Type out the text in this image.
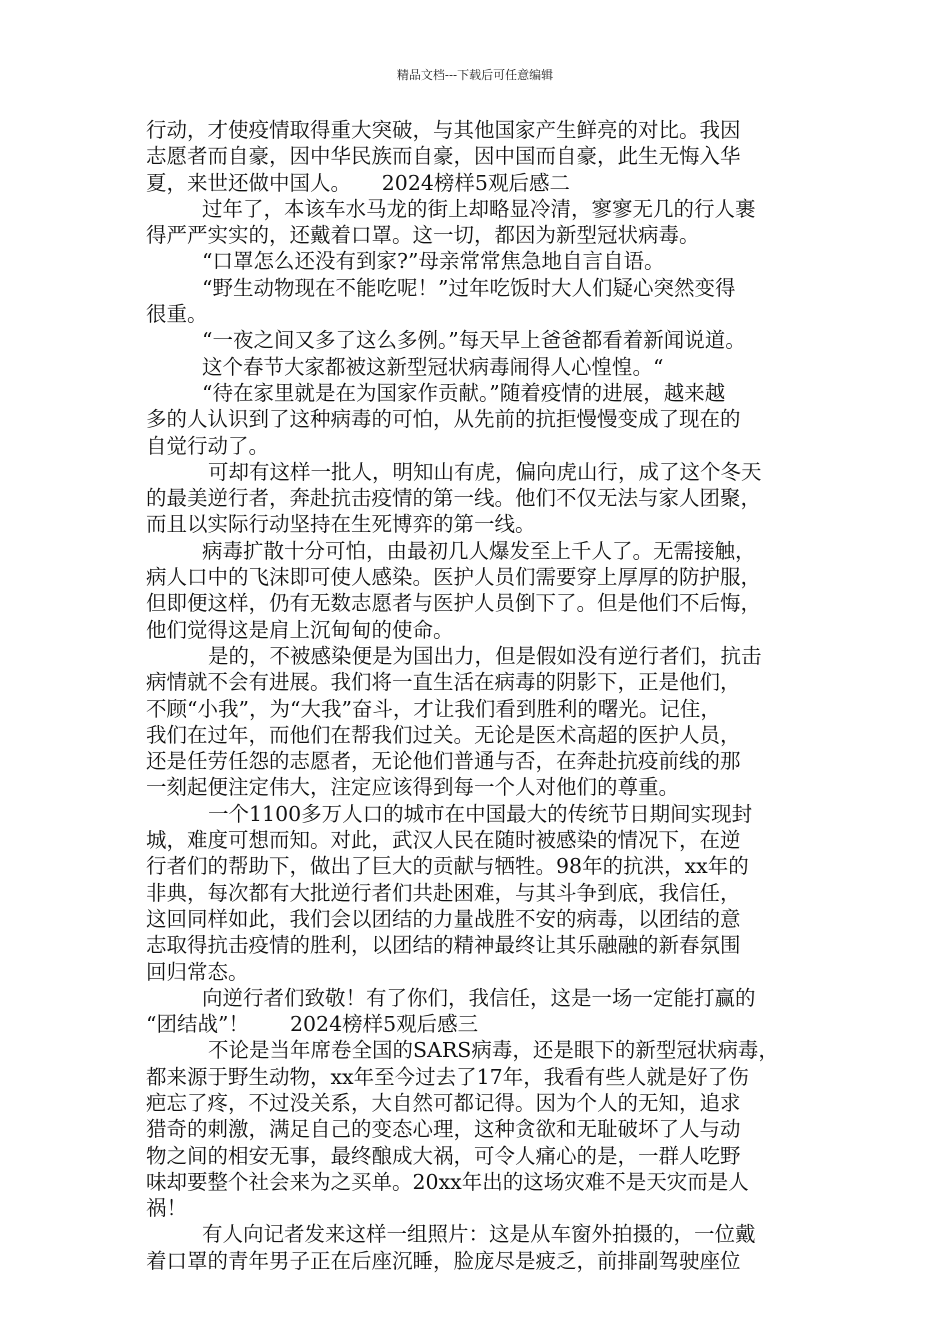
精品文档---下载后可任意编辑
行动，才使疫情取得重大突破，与其他国家产生鲜亮的对比。我因
志愿者而自豪，因中华民族而自豪，因中国而自豪，此生无悔入华
夏，来世还做中国人。　　2024榜样5观后感二
过年了，本该车水马龙的街上却略显冷清，寥寥无几的行人裹
得严严实实的，还戴着口罩。这一切，都因为新型冠状病毒。
“口罩怎么还没有到家?”母亲常常焦急地自言自语。
“野生动物现在不能吃呢！”过年吃饭时大人们疑心突然变得
很重。
“一夜之间又多了这么多例。”每天早上爸爸都看着新闻说道。
这个春节大家都被这新型冠状病毒闹得人心惶惶。“
“待在家里就是在为国家作贡献。”随着疫情的进展，越来越
多的人认识到了这种病毒的可怕，从先前的抗拒慢慢变成了现在的
自觉行动了。
可却有这样一批人，明知山有虎，偏向虎山行，成了这个冬天
的最美逆行者，奔赴抗击疫情的第一线。他们不仅无法与家人团聚，
而且以实际行动坚持在生死博弈的第一线。
病毒扩散十分可怕，由最初几人爆发至上千人了。无需接触，
病人口中的飞沫即可使人感染。医护人员们需要穿上厚厚的防护服，
但即便这样，仍有无数志愿者与医护人员倒下了。但是他们不后悔，
他们觉得这是肩上沉甸甸的使命。
是的，不被感染便是为国出力，但是假如没有逆行者们，抗击
病情就不会有进展。我们将一直生活在病毒的阴影下，正是他们，
不顾“小我”，为“大我”奋斗，才让我们看到胜利的曙光。记住，
我们在过年，而他们在帮我们过关。无论是医术高超的医护人员，
还是任劳任怨的志愿者，无论他们普通与否，在奔赴抗疫前线的那
一刻起便注定伟大，注定应该得到每一个人对他们的尊重。
一个1100多万人口的城市在中国最大的传统节日期间实现封
城，难度可想而知。对此，武汉人民在随时被感染的情况下，在逆
行者们的帮助下，做出了巨大的贡献与牺牲。98年的抗洪，xx年的
非典，每次都有大批逆行者们共赴困难，与其斗争到底，我信任，
这回同样如此，我们会以团结的力量战胜不安的病毒，以团结的意
志取得抗击疫情的胜利，以团结的精神最终让其乐融融的新春氛围
回归常态。
向逆行者们致敬！有了你们，我信任，这是一场一定能打赢的
“团结战”！　　2024榜样5观后感三
不论是当年席卷全国的SARS病毒，还是眼下的新型冠状病毒，
都来源于野生动物，xx年至今过去了17年，我看有些人就是好了伤
疤忘了疼，不过没关系，大自然可都记得。因为个人的无知，追求
猎奇的刺激，满足自己的变态心理，这种贪欲和无耻破坏了人与动
物之间的相安无事，最终酿成大祸，可令人痛心的是，一群人吃野
味却要整个社会来为之买单。20xx年出的这场灾难不是天灾而是人
祸！
有人向记者发来这样一组照片：这是从车窗外拍摄的，一位戴
着口罩的青年男子正在后座沉睡，脸庞尽是疲乏，前排副驾驶座位
